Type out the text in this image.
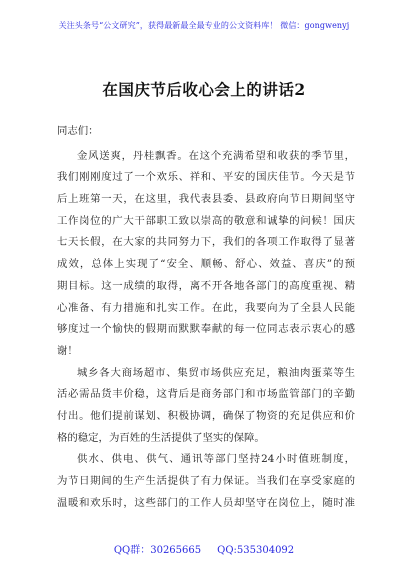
关注头条号“公文研究”，获得最新最全最专业的公文资料库！ 微信：gongwenyj
在国庆节后收心会上的讲话2
同志们：
金风送爽，丹桂飘香。在这个充满希望和收获的季节里，
我们刚刚度过了一个欢乐、祥和、平安的国庆佳节。今天是节
后上班第一天，在这里，我代表县委、县政府向节日期间坚守
工作岗位的广大干部职工致以崇高的敬意和诚挚的问候！国庆
七天长假，在大家的共同努力下，我们的各项工作取得了显著
成效，总体上实现了“安全、顺畅、舒心、效益、喜庆”的预
期目标。这一成绩的取得，离不开各地各部门的高度重视、精
心准备、有力措施和扎实工作。在此，我要向为了全县人民能
够度过一个愉快的假期而默默奉献的每一位同志表示衷心的感
谢！
城乡各大商场超市、集贸市场供应充足，粮油肉蛋菜等生
活必需品货丰价稳，这背后是商务部门和市场监管部门的辛勤
付出。他们提前谋划、积极协调，确保了物资的充足供应和价
格的稳定，为百姓的生活提供了坚实的保障。
供水、供电、供气、通讯等部门坚持24小时值班制度，
为节日期间的生产生活提供了有力保证。当我们在享受家庭的
温暖和欢乐时，这些部门的工作人员却坚守在岗位上，随时准
QQ群：30265665 QQ:535304092
